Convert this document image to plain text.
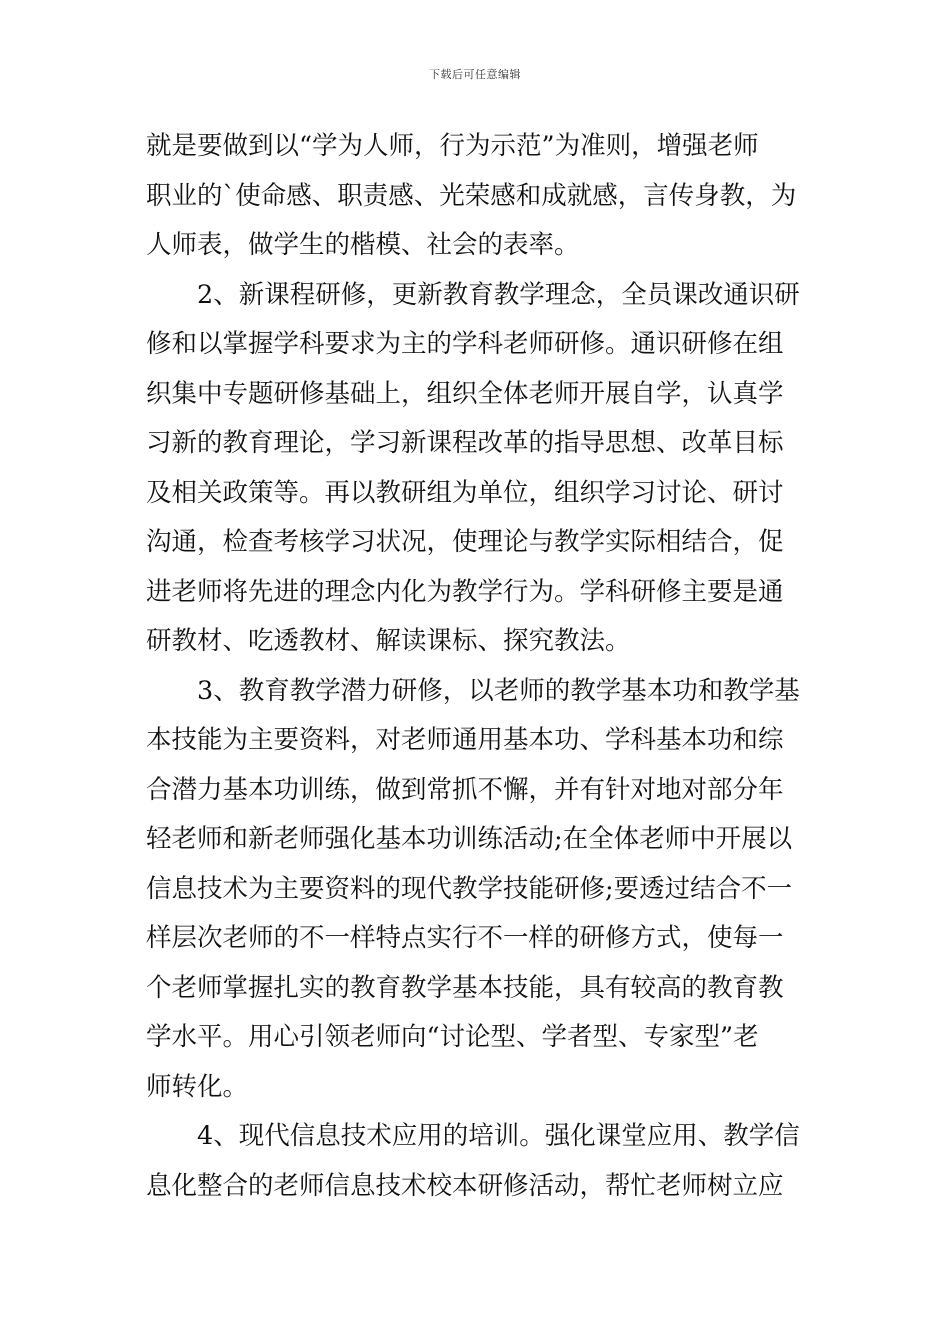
下载后可任意编辑
就是要做到以“学为人师，行为示范”为准则，增强老师
职业的`使命感、职责感、光荣感和成就感，言传身教，为
人师表，做学生的楷模、社会的表率。
2、新课程研修，更新教育教学理念，全员课改通识研
修和以掌握学科要求为主的学科老师研修。通识研修在组
织集中专题研修基础上，组织全体老师开展自学，认真学
习新的教育理论，学习新课程改革的指导思想、改革目标
及相关政策等。再以教研组为单位，组织学习讨论、研讨
沟通，检查考核学习状况，使理论与教学实际相结合，促
进老师将先进的理念内化为教学行为。学科研修主要是通
研教材、吃透教材、解读课标、探究教法。
3、教育教学潜力研修，以老师的教学基本功和教学基
本技能为主要资料，对老师通用基本功、学科基本功和综
合潜力基本功训练，做到常抓不懈，并有针对地对部分年
轻老师和新老师强化基本功训练活动;在全体老师中开展以
信息技术为主要资料的现代教学技能研修;要透过结合不一
样层次老师的不一样特点实行不一样的研修方式，使每一
个老师掌握扎实的教育教学基本技能，具有较高的教育教
学水平。用心引领老师向“讨论型、学者型、专家型”老
师转化。
4、现代信息技术应用的培训。强化课堂应用、教学信
息化整合的老师信息技术校本研修活动，帮忙老师树立应
